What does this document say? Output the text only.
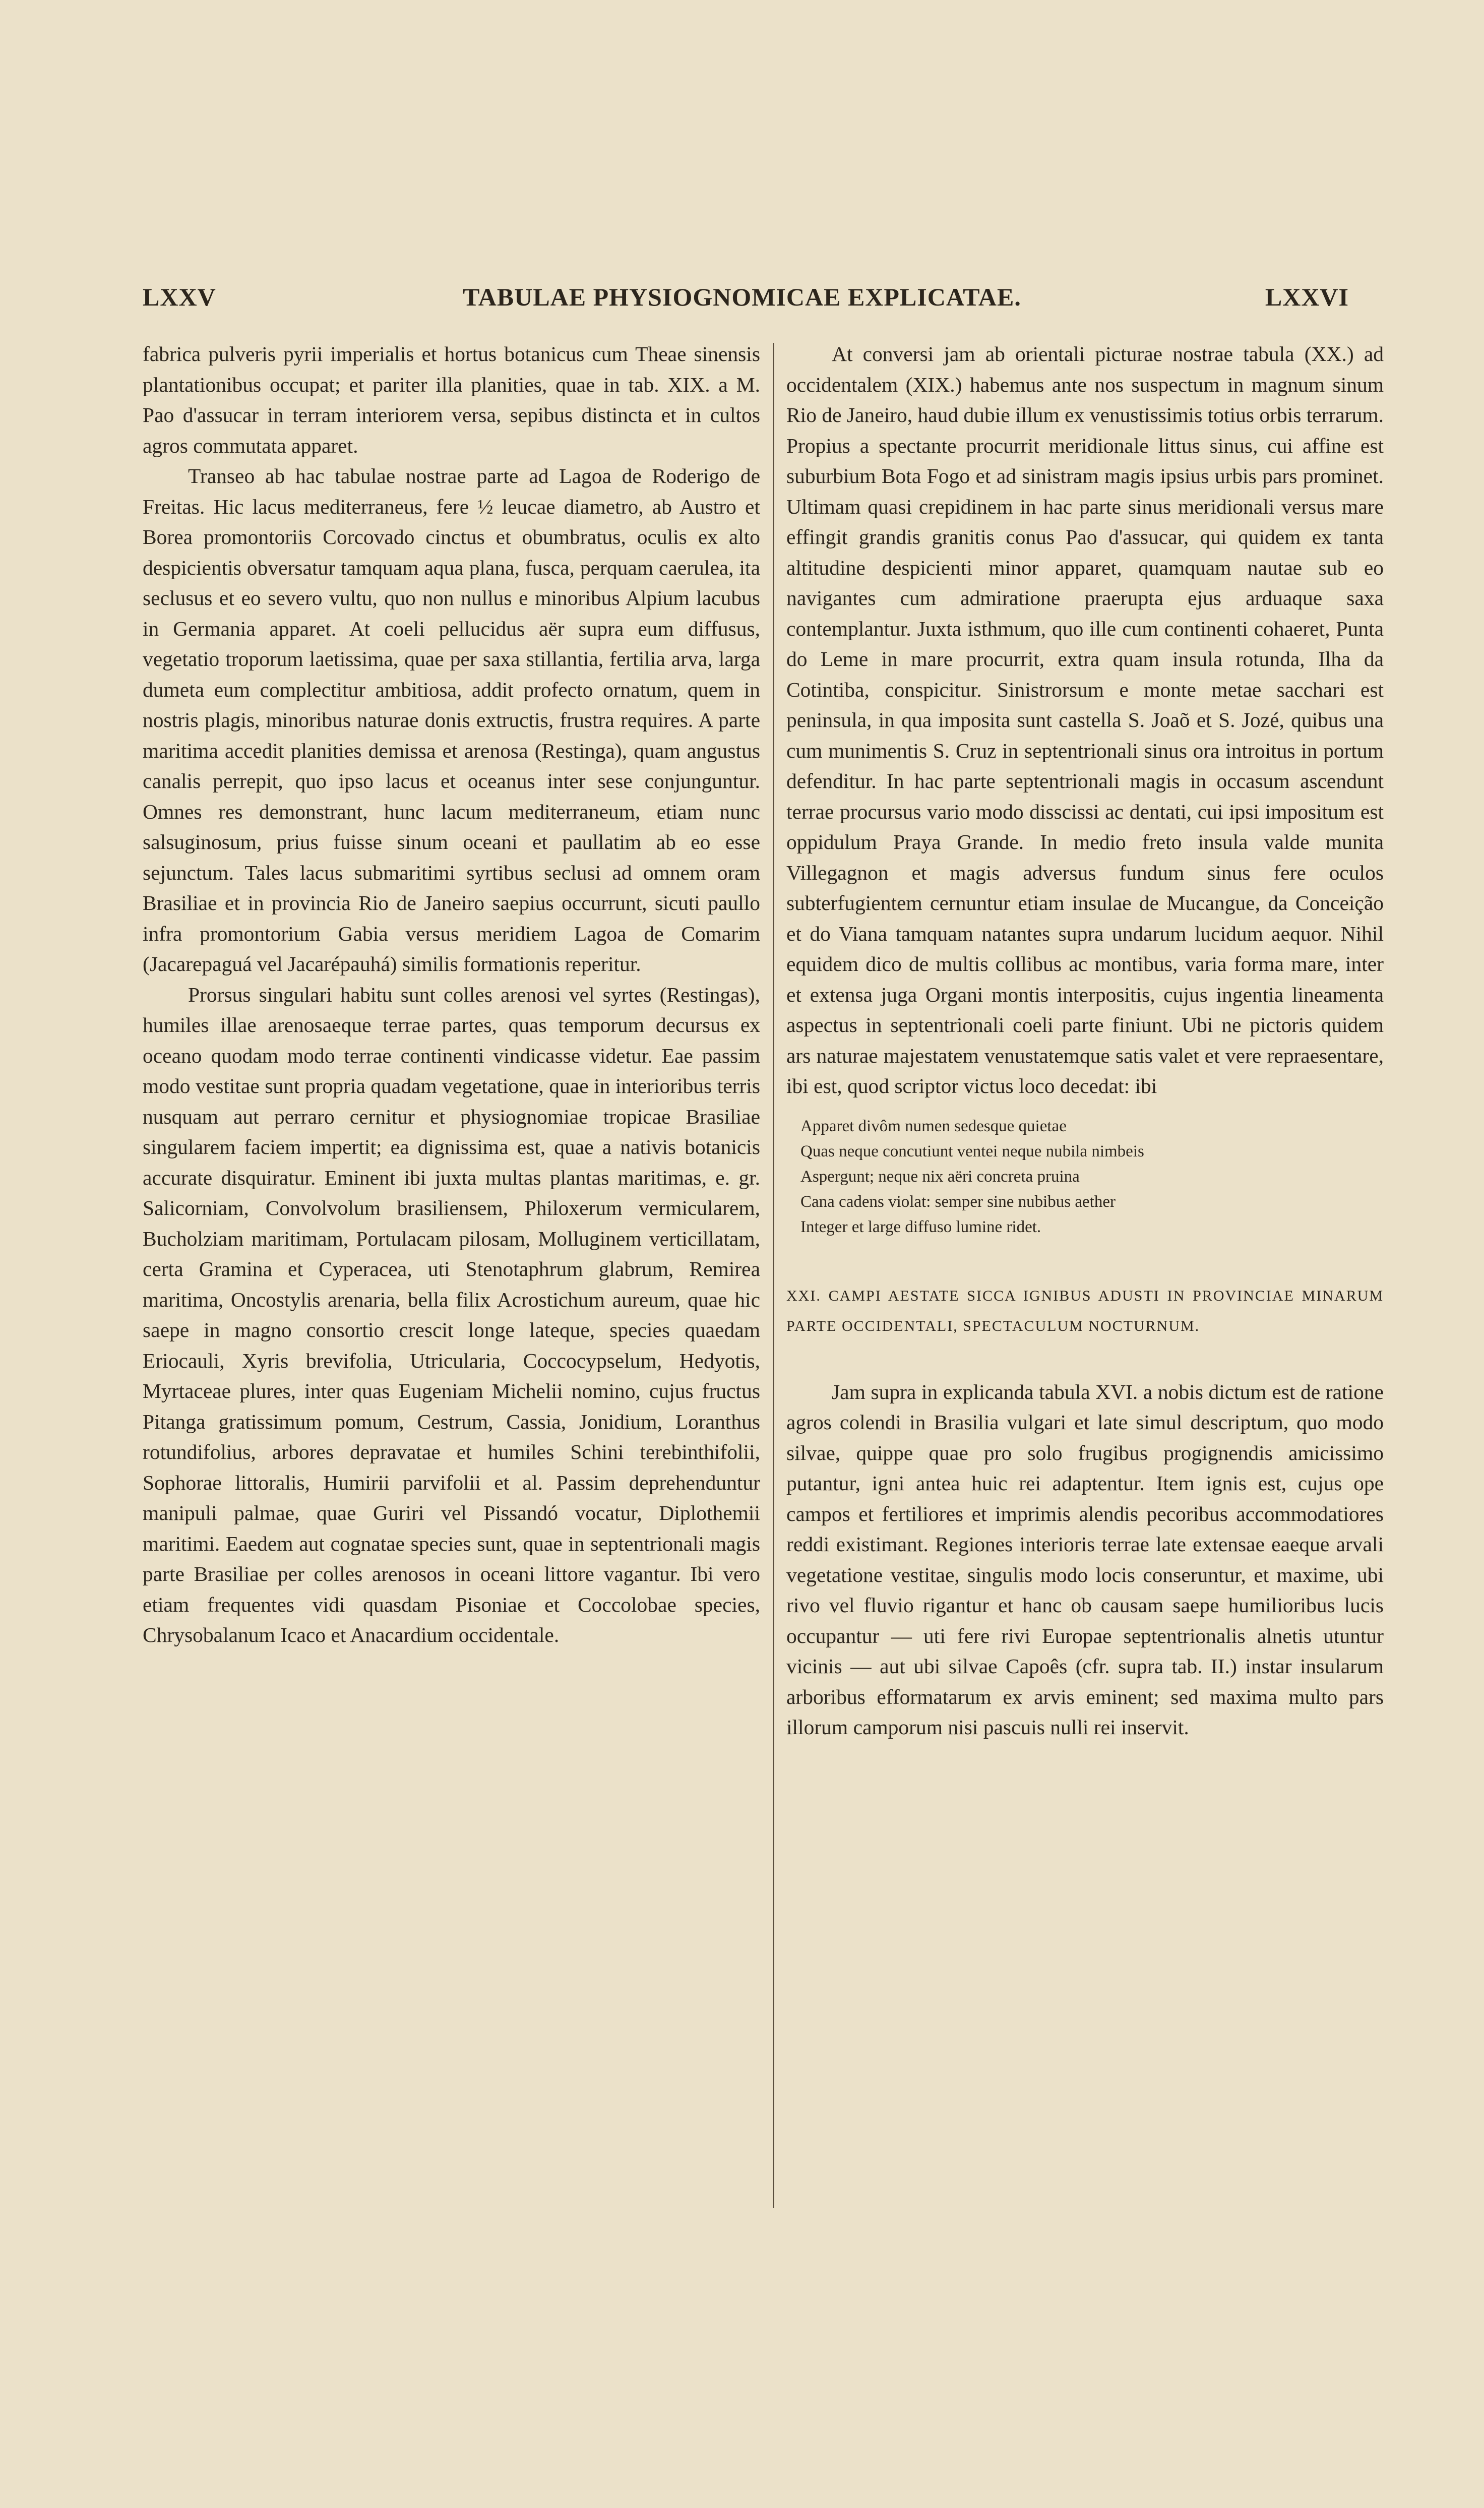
LXXV	TABULAE PHYSIOGNOMICAE EXPLICATAE.	LXXVI

fabrica pulveris pyrii imperialis et hortus botanicus cum Theae sinensis plantationibus occupat; et pariter illa planities, quae in tab. XIX. a M. Pao d'assucar in terram interiorem versa, sepibus distincta et in cultos agros commutata apparet.

Transeo ab hac tabulae nostrae parte ad Lagoa de Roderigo de Freitas. Hic lacus mediterraneus, fere ½ leucae diametro, ab Austro et Borea promontoriis Corcovado cinctus et obumbratus, oculis ex alto despicientis obversatur tamquam aqua plana, fusca, perquam caerulea, ita seclusus et eo severo vultu, quo non nullus e minoribus Alpium lacubus in Germania apparet. At coeli pellucidus aër supra eum diffusus, vegetatio troporum laetissima, quae per saxa stillantia, fertilia arva, larga dumeta eum complectitur ambitiosa, addit profecto ornatum, quem in nostris plagis, minoribus naturae donis extructis, frustra requires. A parte maritima accedit planities demissa et arenosa (Restinga), quam angustus canalis perrepit, quo ipso lacus et oceanus inter sese conjunguntur. Omnes res demonstrant, hunc lacum mediterraneum, etiam nunc salsuginosum, prius fuisse sinum oceani et paullatim ab eo esse sejunctum. Tales lacus submaritimi syrtibus seclusi ad omnem oram Brasiliae et in provincia Rio de Janeiro saepius occurrunt, sicuti paullo infra promontorium Gabia versus meridiem Lagoa de Comarim (Jacarepaguá vel Jacarépauhá) similis formationis reperitur.

Prorsus singulari habitu sunt colles arenosi vel syrtes (Restingas), humiles illae arenosaeque terrae partes, quas temporum decursus ex oceano quodam modo terrae continenti vindicasse videtur. Eae passim modo vestitae sunt propria quadam vegetatione, quae in interioribus terris nusquam aut perraro cernitur et physiognomiae tropicae Brasiliae singularem faciem impertit; ea dignissima est, quae a nativis botanicis accurate disquiratur. Eminent ibi juxta multas plantas maritimas, e. gr. Salicorniam, Convolvolum brasiliensem, Philoxerum vermicularem, Bucholziam maritimam, Portulacam pilosam, Molluginem verticillatam, certa Gramina et Cyperacea, uti Stenotaphrum glabrum, Remirea maritima, Oncostylis arenaria, bella filix Acrostichum aureum, quae hic saepe in magno consortio crescit longe lateque, species quaedam Eriocauli, Xyris brevifolia, Utricularia, Coccocypselum, Hedyotis, Myrtaceae plures, inter quas Eugeniam Michelii nomino, cujus fructus Pitanga gratissimum pomum, Cestrum, Cassia, Jonidium, Loranthus rotundifolius, arbores depravatae et humiles Schini terebinthifolii, Sophorae littoralis, Humirii parvifolii et al. Passim deprehenduntur manipuli palmae, quae Guriri vel Pissandó vocatur, Diplothemii maritimi. Eaedem aut cognatae species sunt, quae in septentrionali magis parte Brasiliae per colles arenosos in oceani littore vagantur. Ibi vero etiam frequentes vidi quasdam Pisoniae et Coccolobae species, Chrysobalanum Icaco et Anacardium occidentale.

At conversi jam ab orientali picturae nostrae tabula (XX.) ad occidentalem (XIX.) habemus ante nos suspectum in magnum sinum Rio de Janeiro, haud dubie illum ex venustissimis totius orbis terrarum. Propius a spectante procurrit meridionale littus sinus, cui affine est suburbium Bota Fogo et ad sinistram magis ipsius urbis pars prominet. Ultimam quasi crepidinem in hac parte sinus meridionali versus mare effingit grandis granitis conus Pao d'assucar, qui quidem ex tanta altitudine despicienti minor apparet, quamquam nautae sub eo navigantes cum admiratione praerupta ejus arduaque saxa contemplantur. Juxta isthmum, quo ille cum continenti cohaeret, Punta do Leme in mare procurrit, extra quam insula rotunda, Ilha da Cotintiba, conspicitur. Sinistrorsum e monte metae sacchari est peninsula, in qua imposita sunt castella S. Joaõ et S. Jozé, quibus una cum munimentis S. Cruz in septentrionali sinus ora introitus in portum defenditur. In hac parte septentrionali magis in occasum ascendunt terrae procursus vario modo disscissi ac dentati, cui ipsi impositum est oppidulum Praya Grande. In medio freto insula valde munita Villegagnon et magis adversus fundum sinus fere oculos subterfugientem cernuntur etiam insulae de Mucangue, da Conceição et do Viana tamquam natantes supra undarum lucidum aequor. Nihil equidem dico de multis collibus ac montibus, varia forma mare, inter et extensa juga Organi montis interpositis, cujus ingentia lineamenta aspectus in septentrionali coeli parte finiunt. Ubi ne pictoris quidem ars naturae majestatem venustatemque satis valet et vere repraesentare, ibi est, quod scriptor victus loco decedat: ibi

Apparet divôm numen sedesque quietae
Quas neque concutiunt ventei neque nubila nimbeis
Aspergunt; neque nix aëri concreta pruina
Cana cadens violat: semper sine nubibus aether
Integer et large diffuso lumine ridet.
XXI. CAMPI AESTATE SICCA IGNIBUS ADUSTI IN PROVINCIAE MINARUM PARTE OCCIDENTALI, SPECTACULUM NOCTURNUM.

Jam supra in explicanda tabula XVI. a nobis dictum est de ratione agros colendi in Brasilia vulgari et late simul descriptum, quo modo silvae, quippe quae pro solo frugibus progignendis amicissimo putantur, igni antea huic rei adaptentur. Item ignis est, cujus ope campos et fertiliores et imprimis alendis pecoribus accommodatiores reddi existimant. Regiones interioris terrae late extensae eaeque arvali vegetatione vestitae, singulis modo locis conseruntur, et maxime, ubi rivo vel fluvio rigantur et hanc ob causam saepe humilioribus lucis occupantur — uti fere rivi Europae septentrionalis alnetis utuntur vicinis — aut ubi silvae Capoês (cfr. supra tab. II.) instar insularum arboribus efformatarum ex arvis eminent; sed maxima multo pars illorum camporum nisi pascuis nulli rei inservit.
